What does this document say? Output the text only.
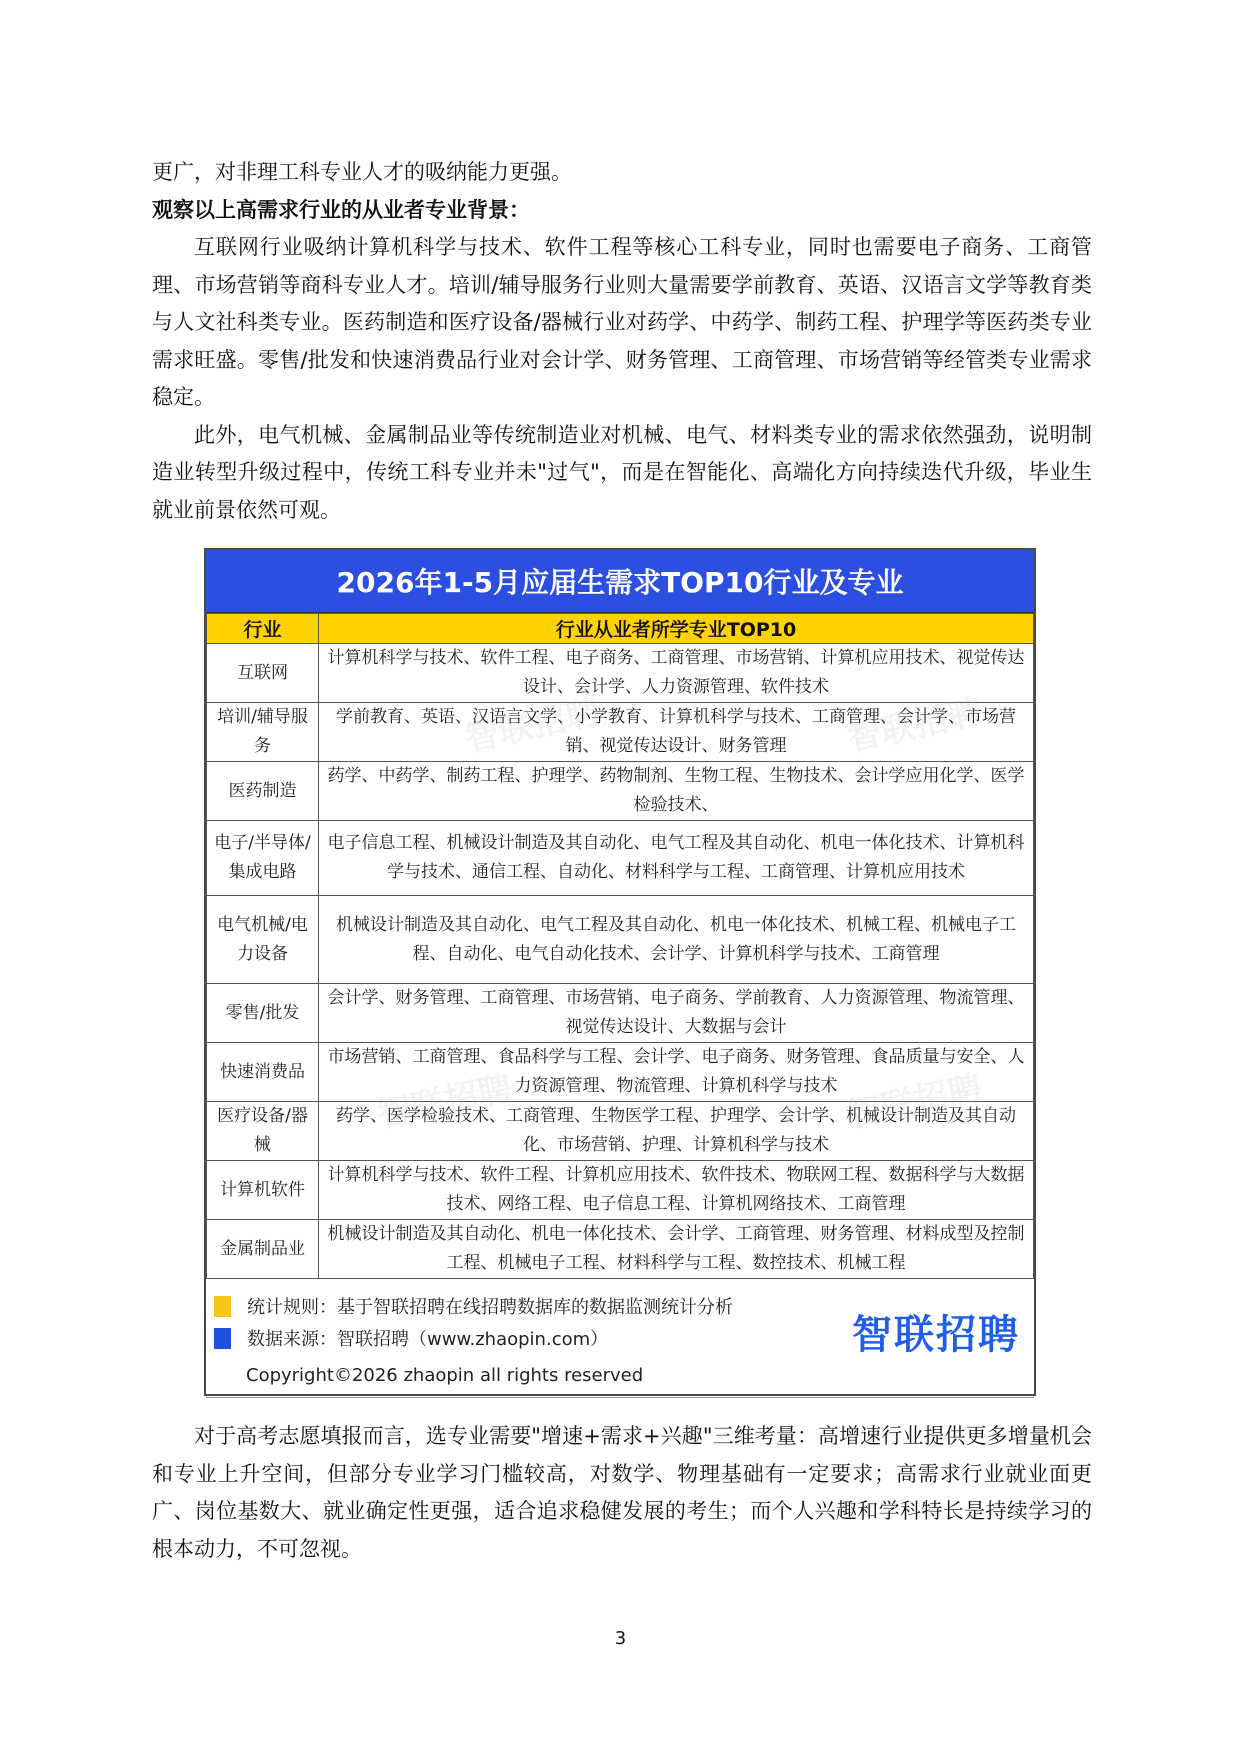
更广，对非理工科专业人才的吸纳能力更强。

观察以上高需求行业的从业者专业背景：

互联网行业吸纳计算机科学与技术、软件工程等核心工科专业，同时也需要电子商务、工商管理、市场营销等商科专业人才。培训/辅导服务行业则大量需要学前教育、英语、汉语言文学等教育类与人文社科类专业。医药制造和医疗设备/器械行业对药学、中药学、制药工程、护理学等医药类专业需求旺盛。零售/批发和快速消费品行业对会计学、财务管理、工商管理、市场营销等经管类专业需求稳定。

此外，电气机械、金属制品业等传统制造业对机械、电气、材料类专业的需求依然强劲，说明制造业转型升级过程中，传统工科专业并未"过气"，而是在智能化、高端化方向持续迭代升级，毕业生就业前景依然可观。

2026年1-5月应届生需求TOP10行业及专业
行业	行业从业者所学专业TOP10
互联网	计算机科学与技术、软件工程、电子商务、工商管理、市场营销、计算机应用技术、视觉传达设计、会计学、人力资源管理、软件技术
培训/辅导服务	学前教育、英语、汉语言文学、小学教育、计算机科学与技术、工商管理、会计学、市场营销、视觉传达设计、财务管理
医药制造	药学、中药学、制药工程、护理学、药物制剂、生物工程、生物技术、会计学应用化学、医学检验技术、
电子/半导体/集成电路	电子信息工程、机械设计制造及其自动化、电气工程及其自动化、机电一体化技术、计算机科学与技术、通信工程、自动化、材料科学与工程、工商管理、计算机应用技术
电气机械/电力设备	机械设计制造及其自动化、电气工程及其自动化、机电一体化技术、机械工程、机械电子工程、自动化、电气自动化技术、会计学、计算机科学与技术、工商管理
零售/批发	会计学、财务管理、工商管理、市场营销、电子商务、学前教育、人力资源管理、物流管理、视觉传达设计、大数据与会计
快速消费品	市场营销、工商管理、食品科学与工程、会计学、电子商务、财务管理、食品质量与安全、人力资源管理、物流管理、计算机科学与技术
医疗设备/器械	药学、医学检验技术、工商管理、生物医学工程、护理学、会计学、机械设计制造及其自动化、市场营销、护理、计算机科学与技术
计算机软件	计算机科学与技术、软件工程、计算机应用技术、软件技术、物联网工程、数据科学与大数据技术、网络工程、电子信息工程、计算机网络技术、工商管理
金属制品业	机械设计制造及其自动化、机电一体化技术、会计学、工商管理、财务管理、材料成型及控制工程、机械电子工程、材料科学与工程、数控技术、机械工程
统计规则：基于智联招聘在线招聘数据库的数据监测统计分析
数据来源：智联招聘（www.zhaopin.com）	智联招聘
Copyright©2026 zhaopin all rights reserved
智联招聘	智联招聘
智联招聘	智联招聘

对于高考志愿填报而言，选专业需要"增速+需求+兴趣"三维考量：高增速行业提供更多增量机会和专业上升空间，但部分专业学习门槛较高，对数学、物理基础有一定要求；高需求行业就业面更广、岗位基数大、就业确定性更强，适合追求稳健发展的考生；而个人兴趣和学科特长是持续学习的根本动力，不可忽视。

3
